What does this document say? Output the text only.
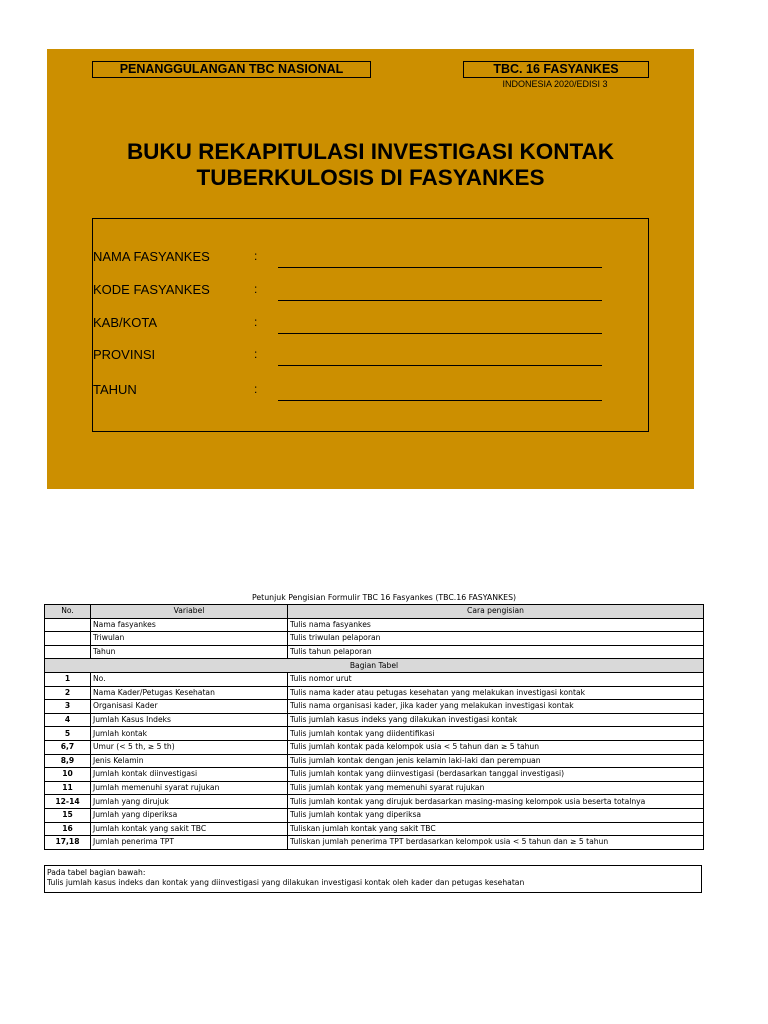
PENANGGULANGAN TBC NASIONAL	TBC. 16 FASYANKES
INDONESIA 2020/EDISI 3
BUKU REKAPITULASI INVESTIGASI KONTAK
TUBERKULOSIS DI FASYANKES
NAMA FASYANKES	:
KODE FASYANKES	:
KAB/KOTA	:
PROVINSI	:
TAHUN	:
Petunjuk Pengisian Formulir TBC 16 Fasyankes (TBC.16 FASYANKES)
No.	Variabel	Cara pengisian
	Nama fasyankes	Tulis nama fasyankes
	Triwulan	Tulis triwulan pelaporan
	Tahun	Tulis tahun pelaporan
Bagian Tabel		
1	No.	Tulis nomor urut
2	Nama Kader/Petugas Kesehatan	Tulis nama kader atau petugas kesehatan yang melakukan investigasi kontak
3	Organisasi Kader	Tulis nama organisasi kader, jika kader yang melakukan investigasi kontak
4	Jumlah Kasus Indeks	Tulis jumlah kasus indeks yang dilakukan investigasi kontak
5	Jumlah kontak	Tulis jumlah kontak yang diidentifikasi
6,7	Umur (< 5 th, ≥ 5 th)	Tulis jumlah kontak pada kelompok usia < 5 tahun dan ≥ 5 tahun
8,9	Jenis Kelamin	Tulis jumlah kontak dengan jenis kelamin laki-laki dan perempuan
10	Jumlah kontak diinvestigasi	Tulis jumlah kontak yang diinvestigasi (berdasarkan tanggal investigasi)
11	Jumlah memenuhi syarat rujukan	Tulis jumlah kontak yang memenuhi syarat rujukan
12-14	Jumlah yang dirujuk	Tulis jumlah kontak yang dirujuk berdasarkan masing-masing kelompok usia beserta totalnya
15	Jumlah yang diperiksa	Tulis jumlah kontak yang diperiksa
16	Jumlah kontak yang sakit TBC	Tuliskan jumlah kontak yang sakit TBC
17,18	Jumlah penerima TPT	Tuliskan jumlah penerima TPT berdasarkan kelompok usia < 5 tahun dan ≥ 5 tahun
Pada tabel bagian bawah:
Tulis jumlah kasus indeks dan kontak yang diinvestigasi yang dilakukan investigasi kontak oleh kader dan petugas kesehatan
